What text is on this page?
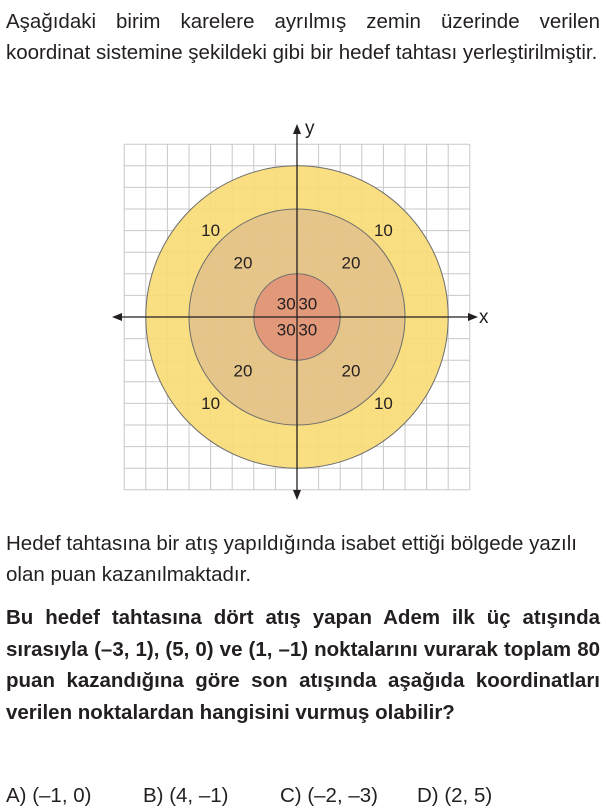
Aşağıdaki birim karelere ayrılmış zemin üzerinde verilen koordinat sistemine şekildeki gibi bir hedef tahtası yerleştirilmiştir.

x
y
10	10
20	20
30 30
30 30
20	20
10	10

Hedef tahtasına bir atış yapıldığında isabet ettiği bölgede yazılı olan puan kazanılmaktadır.

Bu hedef tahtasına dört atış yapan Adem ilk üç atışında sırasıyla (–3, 1), (5, 0) ve (1, –1) noktalarını vurarak toplam 80 puan kazandığına göre son atışında aşağıda koordinatları verilen noktalardan hangisini vurmuş olabilir?

A) (–1, 0)	B) (4, –1)	C) (–2, –3) D) (2, 5)
